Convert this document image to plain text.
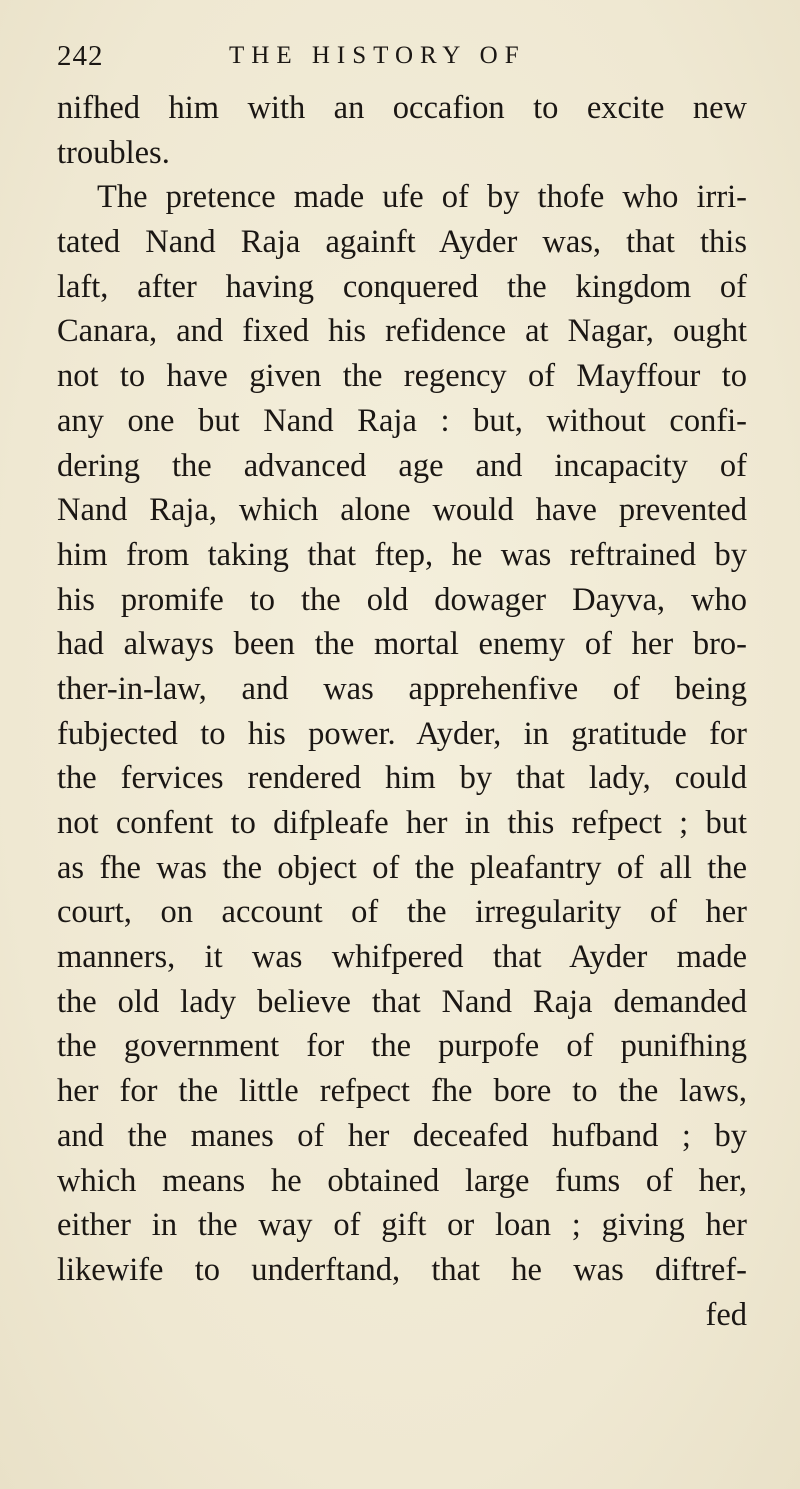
242	THE HISTORY OF
nifhed him with an occafion to excite new
troubles.
The pretence made ufe of by thofe who irri-
tated Nand Raja againft Ayder was, that this
laft, after having conquered the kingdom of
Canara, and fixed his refidence at Nagar, ought
not to have given the regency of Mayffour to
any one but Nand Raja : but, without confi-
dering the advanced age and incapacity of
Nand Raja, which alone would have prevented
him from taking that ftep, he was reftrained by
his promife to the old dowager Dayva, who
had always been the mortal enemy of her bro-
ther-in-law, and was apprehenfive of being
fubjected to his power. Ayder, in gratitude for
the fervices rendered him by that lady, could
not confent to difpleafe her in this refpect ; but
as fhe was the object of the pleafantry of all the
court, on account of the irregularity of her
manners, it was whifpered that Ayder made
the old lady believe that Nand Raja demanded
the government for the purpofe of punifhing
her for the little refpect fhe bore to the laws,
and the manes of her deceafed hufband ; by
which means he obtained large fums of her,
either in the way of gift or loan ; giving her
likewife to underftand, that he was diftref-
fed
